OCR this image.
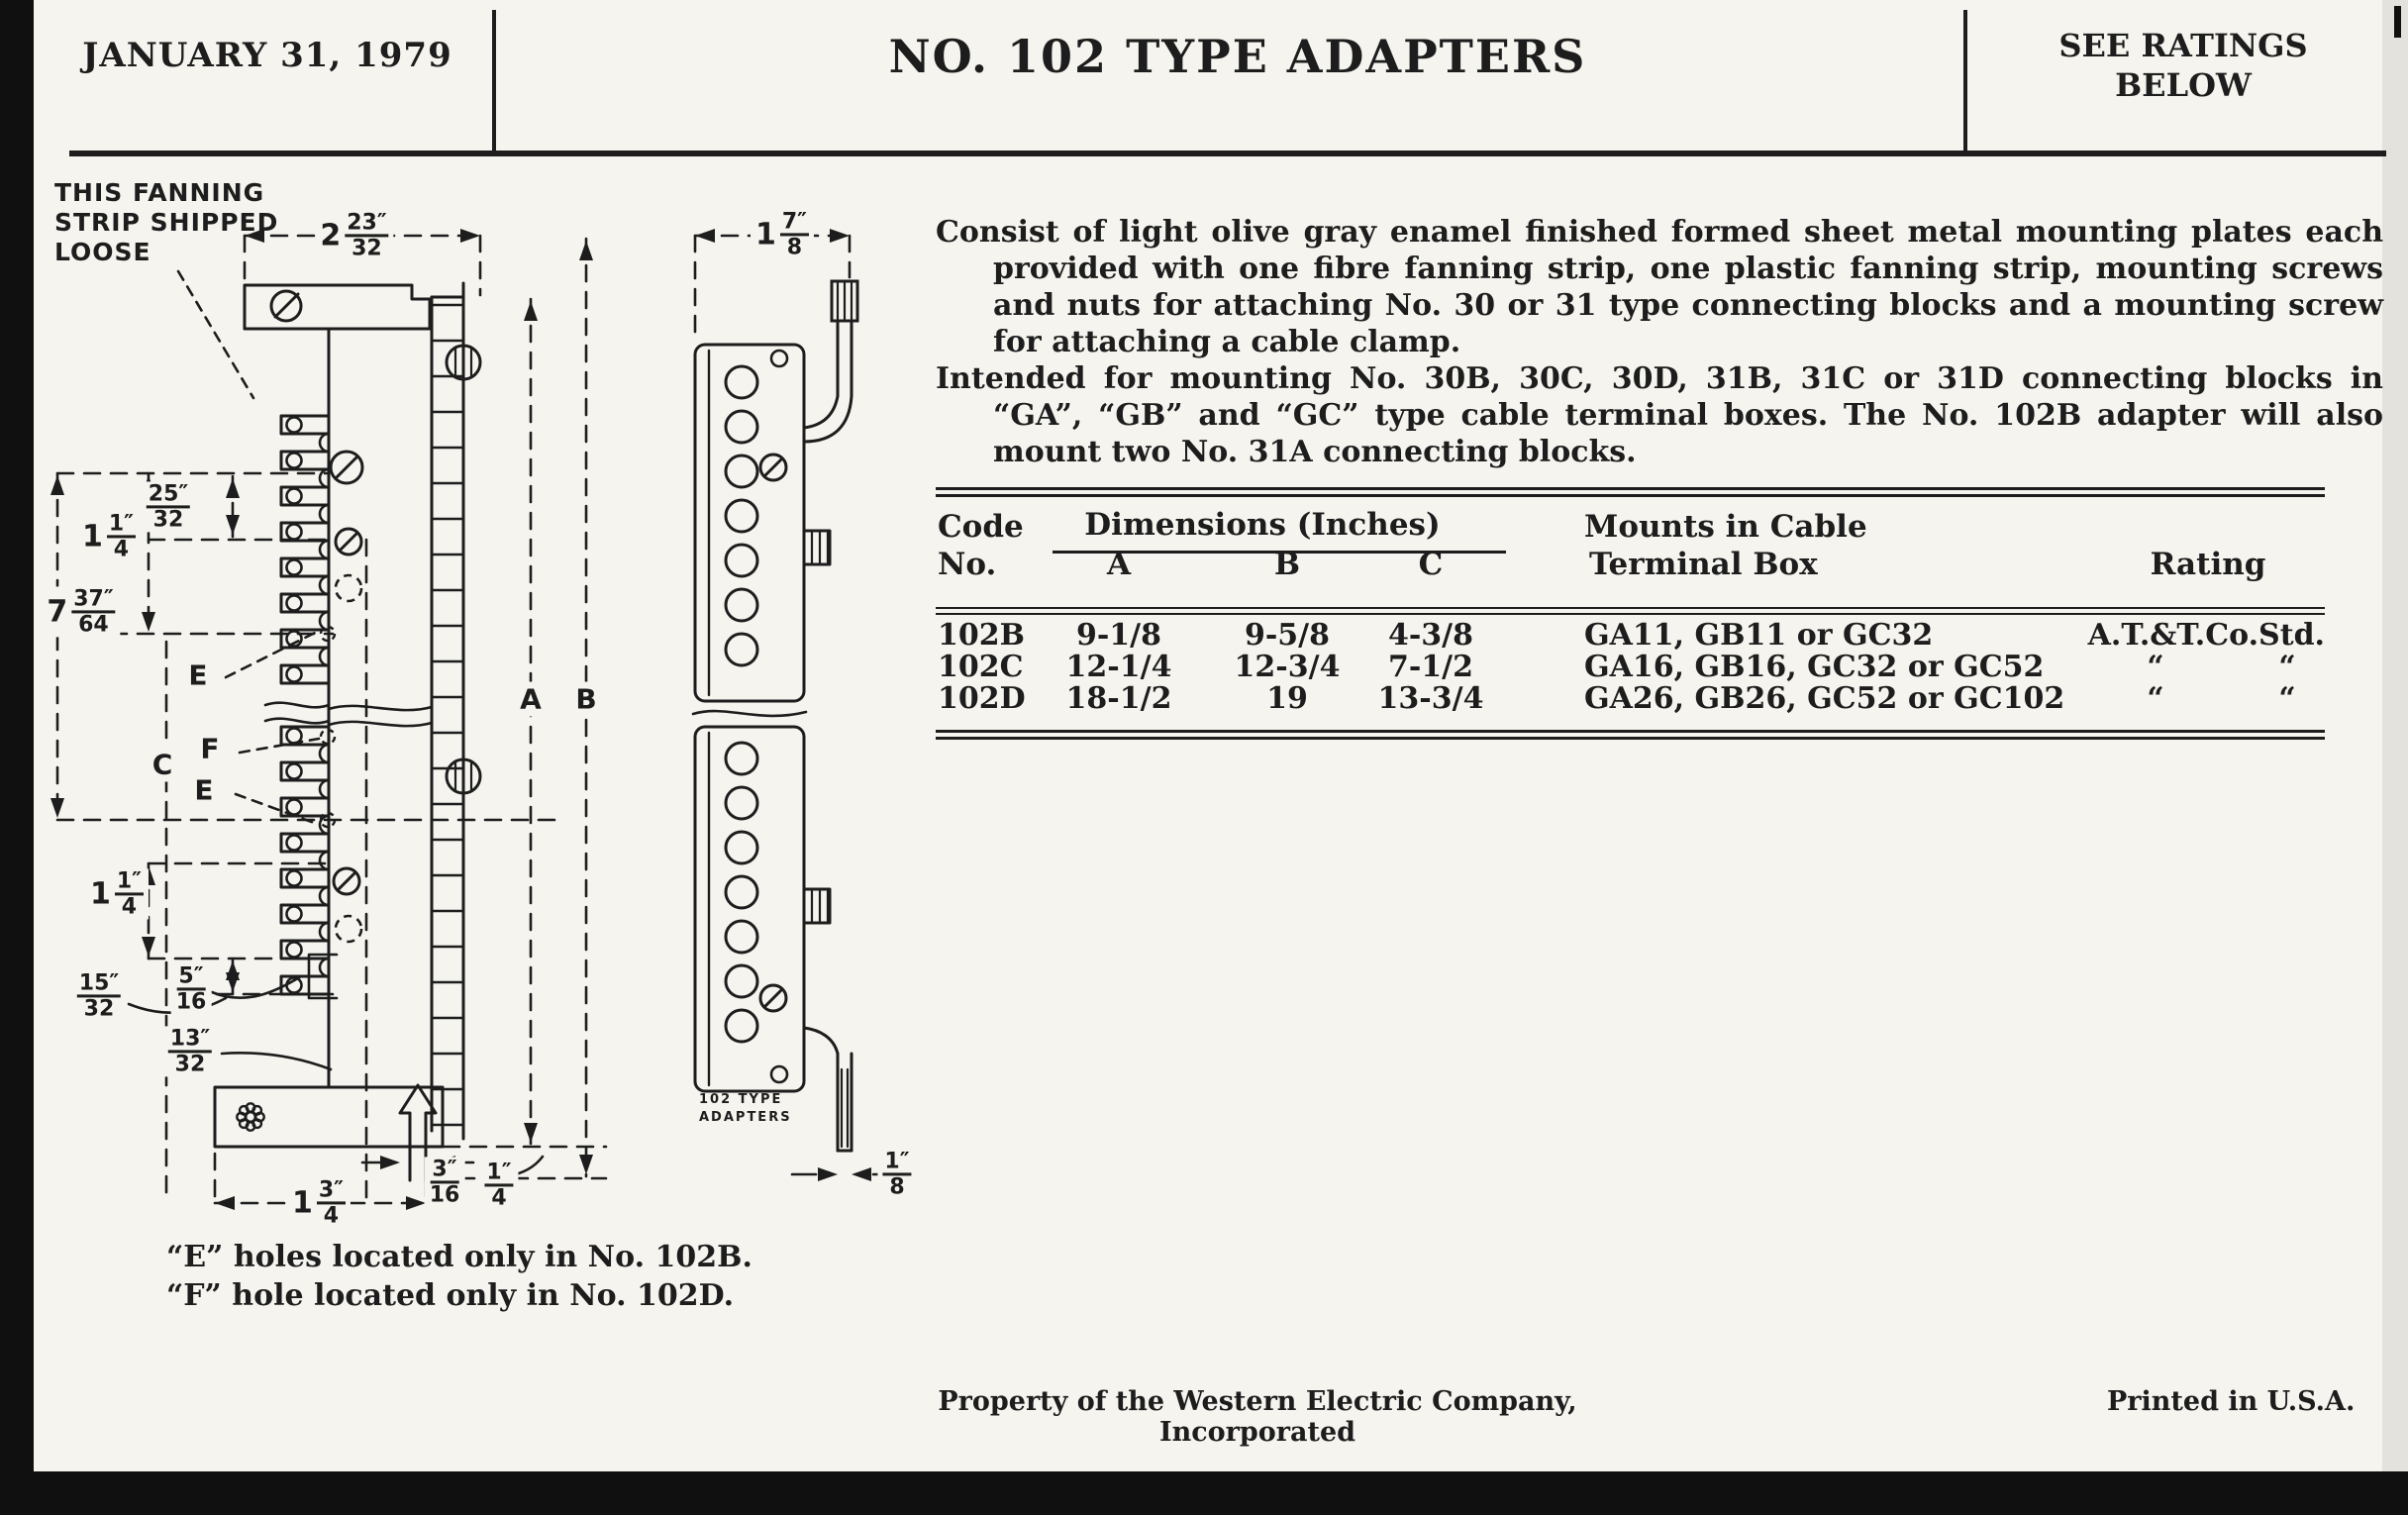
JANUARY 31, 1979	NO. 102 TYPE ADAPTERS	SEE RATINGS
BELOW
Consist of light olive gray enamel finished formed sheet metal mounting plates each provided with one fibre fanning strip, one plastic fanning strip, mounting screws and nuts for attaching No. 30 or 31 type connecting blocks and a mounting screw for attaching a cable clamp.
Intended for mounting No. 30B, 30C, 30D, 31B, 31C or 31D connecting blocks in “GA”, “GB” and “GC” type cable terminal boxes. The No. 102B adapter will also mount two No. 31A connecting blocks.
Code
No.
Dimensions (Inches)
A	B	C
Mounts in Cable
Terminal Box	Rating
102B	9-1/8	9-5/8	4-3/8	GA11, GB11 or GC32	A.T.&T.Co.Std.
102C	12-1/4	12-3/4	7-1/2	GA16, GB16, GC32 or GC52	“	“
102D	18-1/2	19	13-3/4	GA26, GB26, GC52 or GC102	“	“
“E” holes located only in No. 102B.
“F” hole located only in No. 102D.
Property of the Western Electric Company, Incorporated
Printed in U.S.A.
THIS FANNING
STRIP SHIPPED
LOOSE
102 TYPE
ADAPTERS
A B
C
E
F
E
2 23″
32	1 7″
8
25″
32
1 1″
4
7 37″
64
1 1″
4
15″
32
5″
16
13″
32
1 3″
4
3″
16
1″
4
1″
8
